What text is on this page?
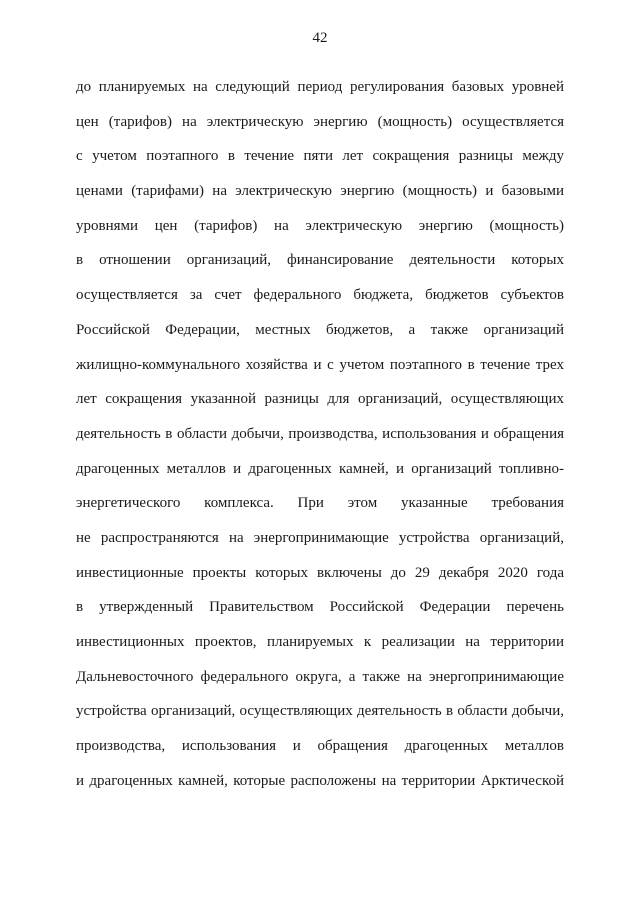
42
до планируемых на следующий период регулирования базовых уровней
цен (тарифов) на электрическую энергию (мощность) осуществляется
с учетом поэтапного в течение пяти лет сокращения разницы между
ценами (тарифами) на электрическую энергию (мощность) и базовыми
уровнями цен (тарифов) на электрическую энергию (мощность)
в отношении организаций, финансирование деятельности которых
осуществляется за счет федерального бюджета, бюджетов субъектов
Российской Федерации, местных бюджетов, а также организаций
жилищно-коммунального хозяйства и с учетом поэтапного в течение трех
лет сокращения указанной разницы для организаций, осуществляющих
деятельность в области добычи, производства, использования и обращения
драгоценных металлов и драгоценных камней, и организаций топливно-
энергетического комплекса. При этом указанные требования
не распространяются на энергопринимающие устройства организаций,
инвестиционные проекты которых включены до 29 декабря 2020 года
в утвержденный Правительством Российской Федерации перечень
инвестиционных проектов, планируемых к реализации на территории
Дальневосточного федерального округа, а также на энергопринимающие
устройства организаций, осуществляющих деятельность в области добычи,
производства, использования и обращения драгоценных металлов
и драгоценных камней, которые расположены на территории Арктической
